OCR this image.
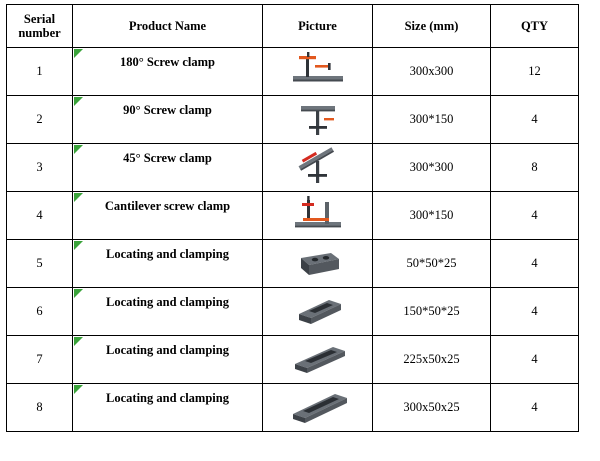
Serial number	Product Name	Picture	Size (mm)	QTY
1	180° Screw clamp		300x300	12
2	90° Screw clamp		300*150	4
3	45° Screw clamp		300*300	8
4	Cantilever screw clamp		300*150	4
5	Locating and clamping		50*50*25	4
6	Locating and clamping		150*50*25	4
7	Locating and clamping		225x50x25	4
8	Locating and clamping		300x50x25	4
